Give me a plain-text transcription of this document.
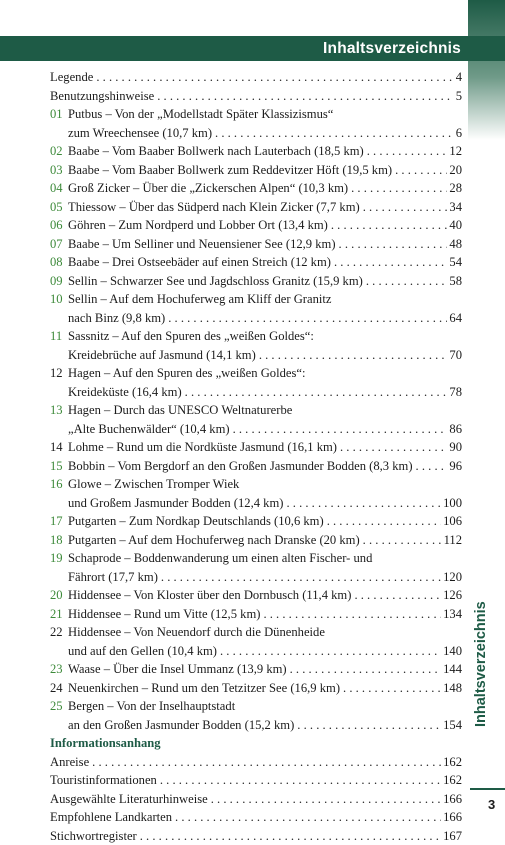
Inhaltsverzeichnis
Legende . . .	4
Benutzungshinweise . . .	5
01 Putbus – Von der „Modellstadt Später Klassizismus“
zum Wreechensee (10,7 km) . . .	6
02 Baabe – Vom Baaber Bollwerk nach Lauterbach (18,5 km) . . .	12
03 Baabe – Vom Baaber Bollwerk zum Reddevitzer Höft (19,5 km) . . .	20
04 Groß Zicker – Über die „Zickerschen Alpen“ (10,3 km) . . .	28
05 Thiessow – Über das Südperd nach Klein Zicker (7,7 km) . . .	34
06 Göhren – Zum Nordperd und Lobber Ort (13,4 km) . . .	40
07 Baabe – Um Selliner und Neuensiener See (12,9 km) . . .	48
08 Baabe – Drei Ostseebäder auf einen Streich (12 km) . . .	54
09 Sellin – Schwarzer See und Jagdschloss Granitz (15,9 km) . . .	58
10 Sellin – Auf dem Hochuferweg am Kliff der Granitz
nach Binz (9,8 km) . . .	64
11 Sassnitz – Auf den Spuren des „weißen Goldes“:
Kreidebrüche auf Jasmund (14,1 km) . . .	70
12 Hagen – Auf den Spuren des „weißen Goldes“:
Kreideküste (16,4 km) . . .	78
13 Hagen – Durch das UNESCO Weltnaturerbe
„Alte Buchenwälder“ (10,4 km) . . .	86
14 Lohme – Rund um die Nordküste Jasmund (16,1 km) . . .	90
15 Bobbin – Vom Bergdorf an den Großen Jasmunder Bodden (8,3 km) . . .	96
16 Glowe – Zwischen Tromper Wiek
und Großem Jasmunder Bodden (12,4 km) . . .	100
17 Putgarten – Zum Nordkap Deutschlands (10,6 km) . . .	106
18 Putgarten – Auf dem Hochuferweg nach Dranske (20 km) . . .	112
19 Schaprode – Boddenwanderung um einen alten Fischer- und
Fährort (17,7 km) . . .	120
20 Hiddensee – Von Kloster über den Dornbusch (11,4 km) . . .	126
21 Hiddensee – Rund um Vitte (12,5 km) . . .	134
22 Hiddensee – Von Neuendorf durch die Dünenheide
und auf den Gellen (10,4 km) . . .	140
23 Waase – Über die Insel Ummanz (13,9 km) . . .	144
24 Neuenkirchen – Rund um den Tetzitzer See (16,9 km) . . .	148
25 Bergen – Von der Inselhauptstadt
an den Großen Jasmunder Bodden (15,2 km) . . .	154
Informationsanhang
Anreise . . .	162
Touristinformationen . . .	162
Ausgewählte Literaturhinweise . . .	166
Empfohlene Landkarten . . .	166
Stichwortregister . . .	167
Inhaltsverzeichnis
3
